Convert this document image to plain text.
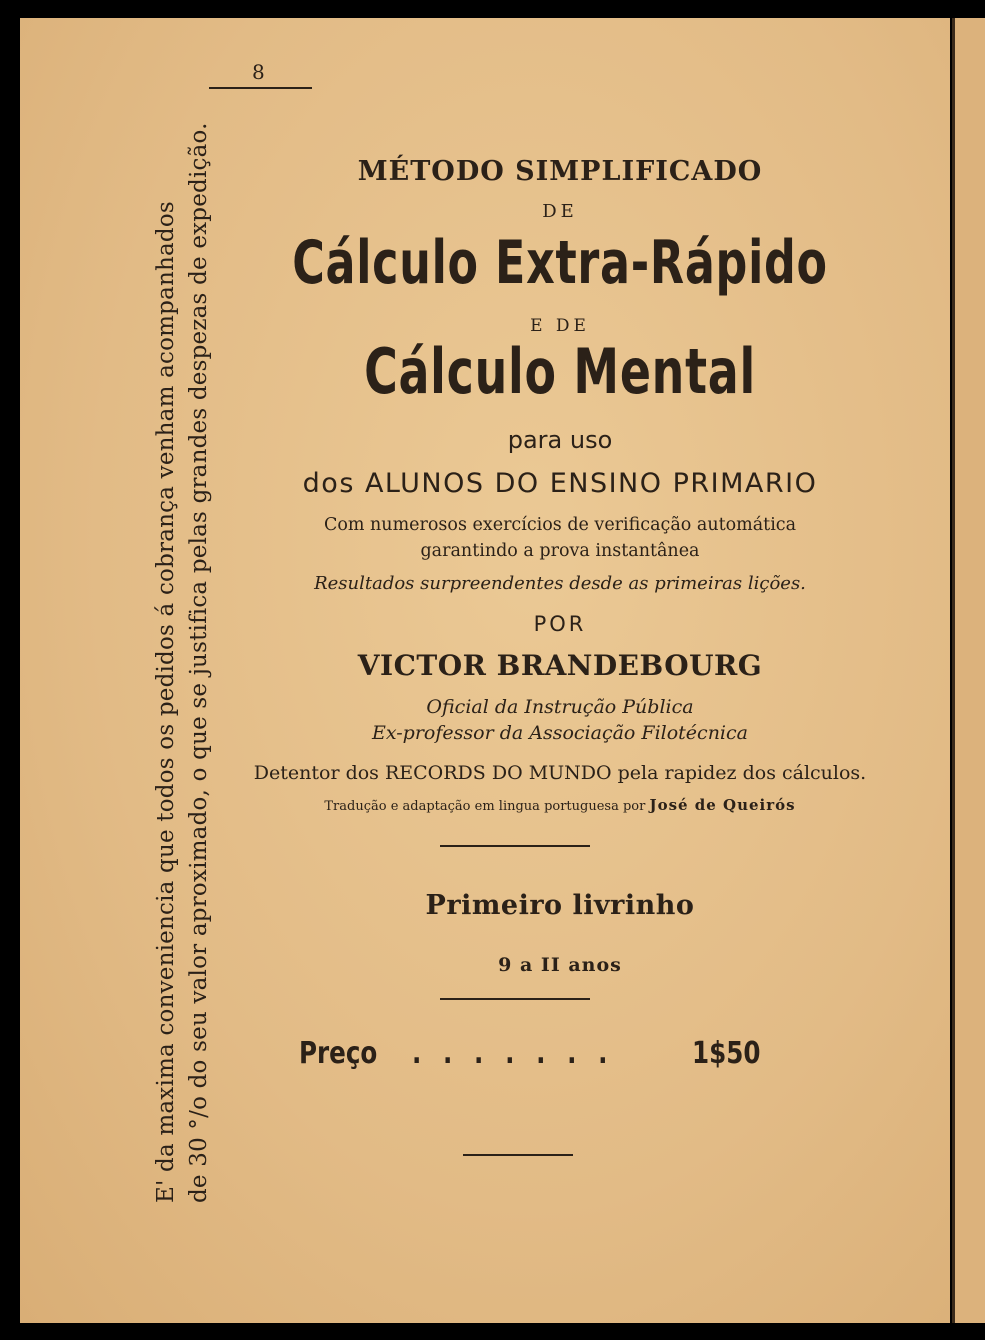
8
E' da maxima conveniencia que todos os pedidos á cobrança venham acompanhados de 30 °/o do seu valor aproximado, o que se justifica pelas grandes despezas de expedição.	MÉTODO SIMPLIFICADO
DE
Cálculo Extra-Rápido
E DE
Cálculo Mental
para uso
dos ALUNOS DO ENSINO PRIMARIO
Com numerosos exercícios de verificação automática
garantindo a prova instantânea
Resultados surpreendentes desde as primeiras lições.
POR
VICTOR BRANDEBOURG
Oficial da Instrução Pública
Ex-professor da Associação Filotécnica
Detentor dos RECORDS DO MUNDO pela rapidez dos cálculos.
Tradução e adaptação em lingua portuguesa por José de Queirós
Primeiro livrinho
9 a II anos
Preço . . . . . . .	1$50
